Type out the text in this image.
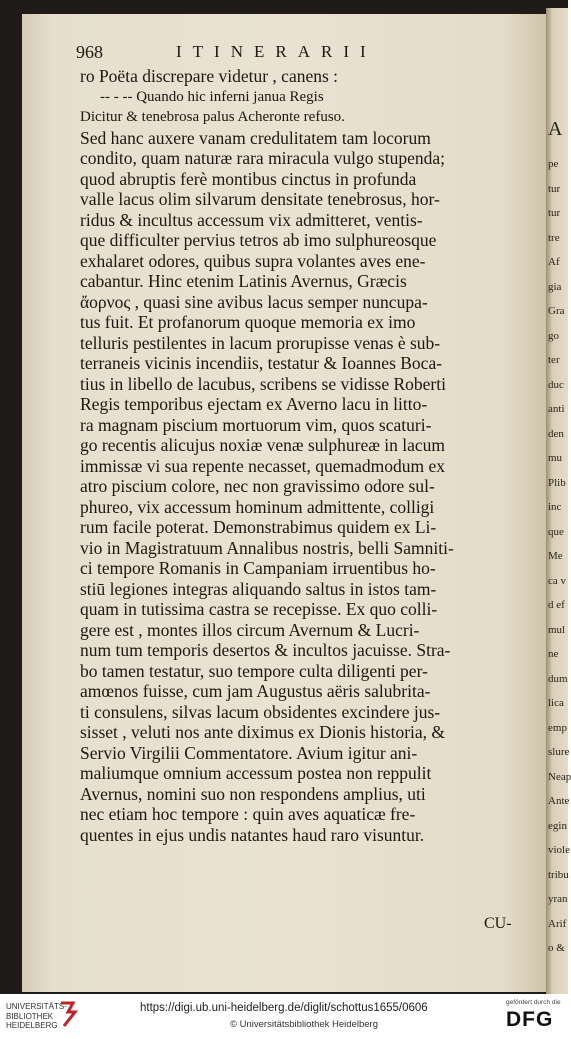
A
pe
tur
tur
tre
Af
gia
Gra
go
ter
duc
anti
den
mu
Plib
inc
que
Me
ca v
d ef
mul
ne
dum
lica
emp
slure
Neap
Ante
egin
viole
tribu
yran
Arif
o &
968	ITINERARII
ro Poëta discrepare videtur , canens :
-- - -- Quando hic inferni janua Regis
Dicitur & tenebrosa palus Acheronte refuso.
Sed hanc auxere vanam credulitatem tam locorum
condito, quam naturæ rara miracula vulgo stupenda;
quod abruptis ferè montibus cinctus in profunda
valle lacus olim silvarum densitate tenebrosus, hor-
ridus & incultus accessum vix admitteret, ventis-
que difficulter pervius tetros ab imo sulphureosque
exhalaret odores, quibus supra volantes aves ene-
cabantur. Hinc etenim Latinis Avernus, Græcis
ἄορνος , quasi sine avibus lacus semper nuncupa-
tus fuit. Et profanorum quoque memoria ex imo
telluris pestilentes in lacum prorupisse venas è sub-
terraneis vicinis incendiis, testatur & Ioannes Boca-
tius in libello de lacubus, scribens se vidisse Roberti
Regis temporibus ejectam ex Averno lacu in litto-
ra magnam piscium mortuorum vim, quos scaturi-
go recentis alicujus noxiæ venæ sulphureæ in lacum
immissæ vi sua repente necasset, quemadmodum ex
atro piscium colore, nec non gravissimo odore sul-
phureo, vix accessum hominum admittente, colligi
rum facile poterat. Demonstrabimus quidem ex Li-
vio in Magistratuum Annalibus nostris, belli Samniti-
ci tempore Romanis in Campaniam irruentibus ho-
stiū legiones integras aliquando saltus in istos tam-
quam in tutissima castra se recepisse. Ex quo colli-
gere est , montes illos circum Avernum & Lucri-
num tum temporis desertos & incultos jacuisse. Stra-
bo tamen testatur, suo tempore culta diligenti per-
amœnos fuisse, cum jam Augustus aëris salubrita-
ti consulens, silvas lacum obsidentes excindere jus-
sisset , veluti nos ante diximus ex Dionis historia, &
Servio Virgilii Commentatore. Avium igitur ani-
maliumque omnium accessum postea non reppulit
Avernus, nomini suo non respondens amplius, uti
nec etiam hoc tempore : quin aves aquaticæ fre-
quentes in ejus undis natantes haud raro visuntur.
CU-
UNIVERSITÄTS-
BIBLIOTHEK
HEIDELBERG
https://digi.ub.uni-heidelberg.de/diglit/schottus1655/0606
© Universitätsbibliothek Heidelberg
gefördert durch die
DFG
